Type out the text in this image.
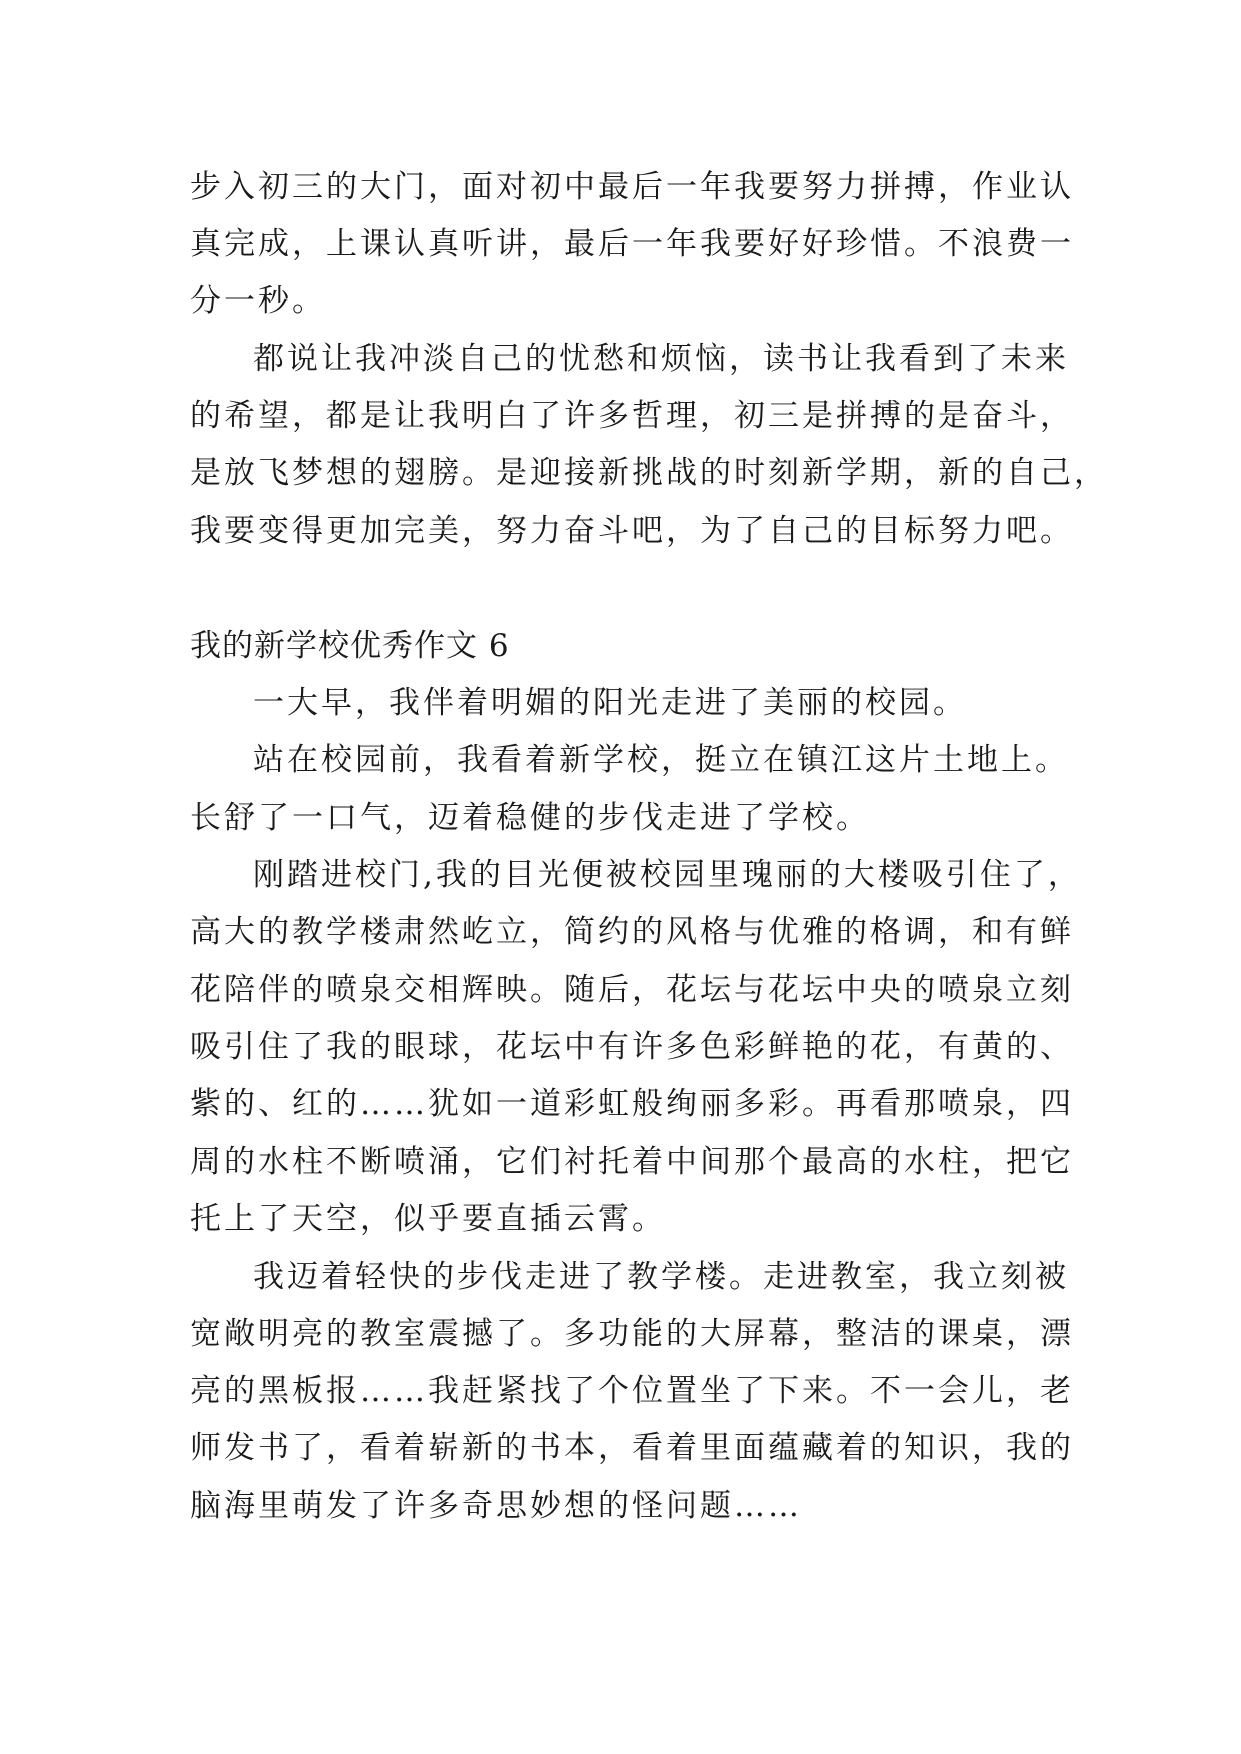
步入初三的大门，面对初中最后一年我要努力拼搏，作业认
真完成，上课认真听讲，最后一年我要好好珍惜。不浪费一
分一秒。
都说让我冲淡自己的忧愁和烦恼，读书让我看到了未来
的希望，都是让我明白了许多哲理，初三是拼搏的是奋斗，
是放飞梦想的翅膀。是迎接新挑战的时刻新学期，新的自己，
我要变得更加完美，努力奋斗吧，为了自己的目标努力吧。
我的新学校优秀作文 6
一大早，我伴着明媚的阳光走进了美丽的校园。
站在校园前，我看着新学校，挺立在镇江这片土地上。
长舒了一口气，迈着稳健的步伐走进了学校。
刚踏进校门,我的目光便被校园里瑰丽的大楼吸引住了，
高大的教学楼肃然屹立，简约的风格与优雅的格调，和有鲜
花陪伴的喷泉交相辉映。随后，花坛与花坛中央的喷泉立刻
吸引住了我的眼球，花坛中有许多色彩鲜艳的花，有黄的、
紫的、红的……犹如一道彩虹般绚丽多彩。再看那喷泉，四
周的水柱不断喷涌，它们衬托着中间那个最高的水柱，把它
托上了天空，似乎要直插云霄。
我迈着轻快的步伐走进了教学楼。走进教室，我立刻被
宽敞明亮的教室震撼了。多功能的大屏幕，整洁的课桌，漂
亮的黑板报……我赶紧找了个位置坐了下来。不一会儿，老
师发书了，看着崭新的书本，看着里面蕴藏着的知识，我的
脑海里萌发了许多奇思妙想的怪问题……
